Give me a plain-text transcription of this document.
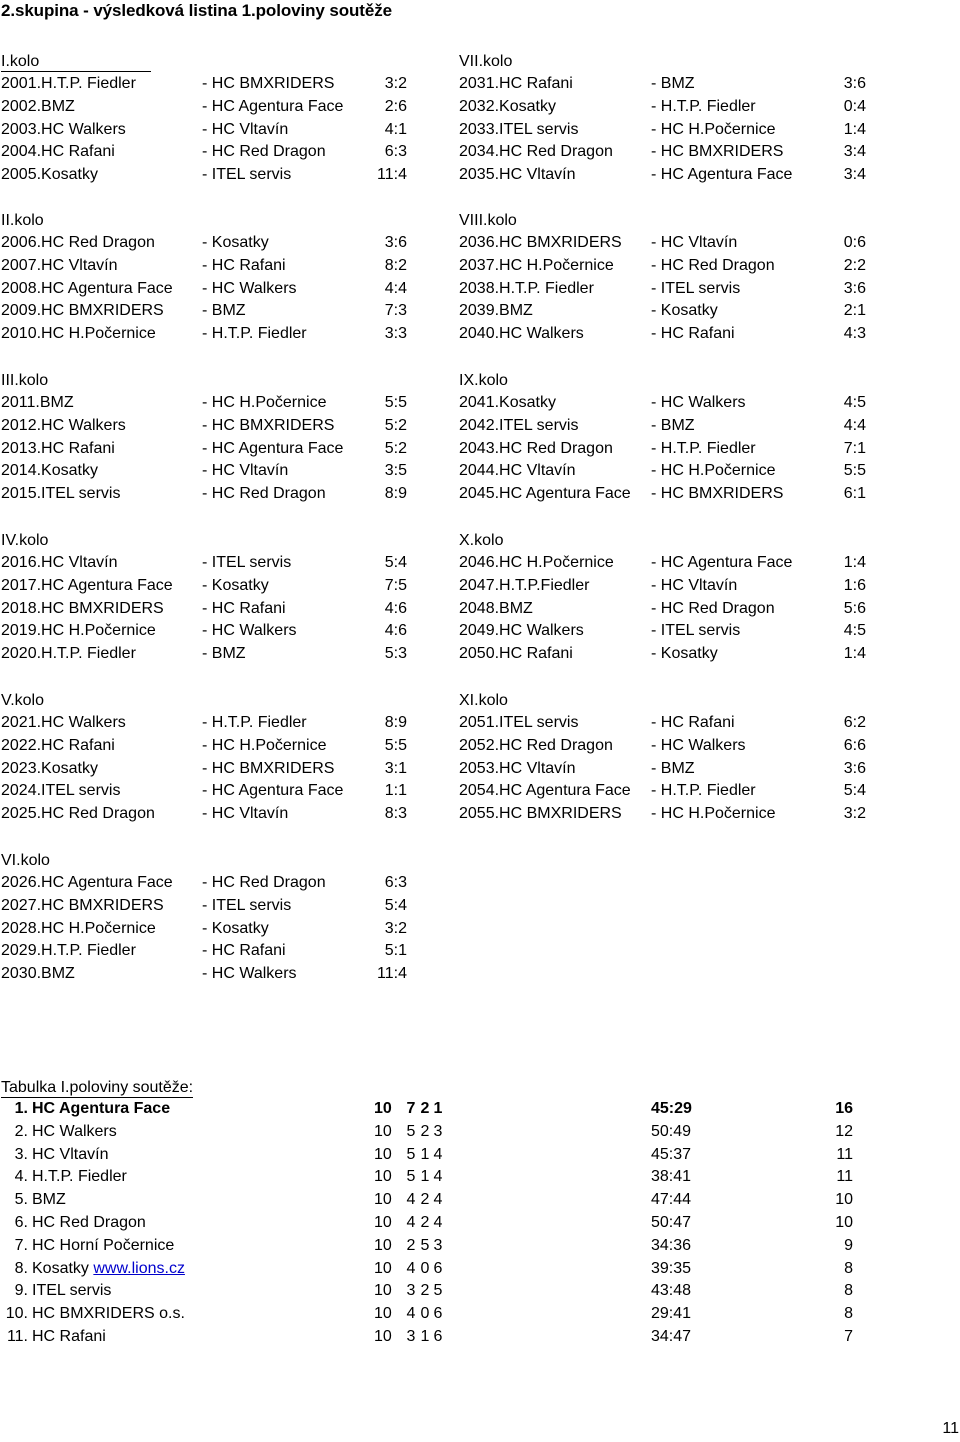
2.skupina - výsledková listina 1.poloviny soutěže
I.kolo
2001.H.T.P. Fiedler	- HC BMXRIDERS	3:2
2002.BMZ	- HC Agentura Face	2:6
2003.HC Walkers	- HC Vltavín	4:1
2004.HC Rafani	- HC Red Dragon	6:3
2005.Kosatky	- ITEL servis	11:4
II.kolo
2006.HC Red Dragon	- Kosatky	3:6
2007.HC Vltavín	- HC Rafani	8:2
2008.HC Agentura Face - HC Walkers	4:4
2009.HC BMXRIDERS - BMZ	7:3
2010.HC H.Počernice	- H.T.P. Fiedler	3:3
III.kolo
2011.BMZ	- HC H.Počernice	5:5
2012.HC Walkers	- HC BMXRIDERS	5:2
2013.HC Rafani	- HC Agentura Face	5:2
2014.Kosatky	- HC Vltavín	3:5
2015.ITEL servis	- HC Red Dragon	8:9
IV.kolo
2016.HC Vltavín	- ITEL servis	5:4
2017.HC Agentura Face - Kosatky	7:5
2018.HC BMXRIDERS - HC Rafani	4:6
2019.HC H.Počernice	- HC Walkers	4:6
2020.H.T.P. Fiedler	- BMZ	5:3
V.kolo
2021.HC Walkers	- H.T.P. Fiedler	8:9
2022.HC Rafani	- HC H.Počernice	5:5
2023.Kosatky	- HC BMXRIDERS	3:1
2024.ITEL servis	- HC Agentura Face	1:1
2025.HC Red Dragon	- HC Vltavín	8:3
VI.kolo
2026.HC Agentura Face - HC Red Dragon	6:3
2027.HC BMXRIDERS - ITEL servis	5:4
2028.HC H.Počernice	- Kosatky	3:2
2029.H.T.P. Fiedler	- HC Rafani	5:1
2030.BMZ	- HC Walkers	11:4
VII.kolo
2031.HC Rafani	- BMZ	3:6
2032.Kosatky	- H.T.P. Fiedler	0:4
2033.ITEL servis	- HC H.Počernice	1:4
2034.HC Red Dragon - HC BMXRIDERS	3:4
2035.HC Vltavín	- HC Agentura Face	3:4
VIII.kolo
2036.HC BMXRIDERS - HC Vltavín	0:6
2037.HC H.Počernice - HC Red Dragon	2:2
2038.H.T.P. Fiedler	- ITEL servis	3:6
2039.BMZ	- Kosatky	2:1
2040.HC Walkers	- HC Rafani	4:3
IX.kolo
2041.Kosatky	- HC Walkers	4:5
2042.ITEL servis	- BMZ	4:4
2043.HC Red Dragon - H.T.P. Fiedler	7:1
2044.HC Vltavín	- HC H.Počernice	5:5
2045.HC Agentura Face - HC BMXRIDERS	6:1
X.kolo
2046.HC H.Počernice - HC Agentura Face	1:4
2047.H.T.P.Fiedler	- HC Vltavín	1:6
2048.BMZ	- HC Red Dragon	5:6
2049.HC Walkers	- ITEL servis	4:5
2050.HC Rafani	- Kosatky	1:4
XI.kolo
2051.ITEL servis	- HC Rafani	6:2
2052.HC Red Dragon - HC Walkers	6:6
2053.HC Vltavín	- BMZ	3:6
2054.HC Agentura Face - H.T.P. Fiedler	5:4
2055.HC BMXRIDERS - HC H.Počernice	3:2
Tabulka I.poloviny soutěže:
1. HC Agentura Face	10 7 2 1	45:29	16
2. HC Walkers	10 5 2 3	50:49	12
3. HC Vltavín	10 5 1 4	45:37	11
4. H.T.P. Fiedler	10 5 1 4	38:41	11
5. BMZ	10 4 2 4	47:44	10
6. HC Red Dragon	10 4 2 4	50:47	10
7. HC Horní Počernice	10 2 5 3	34:36	9
8. Kosatky www.lions.cz	10 4 0 6	39:35	8
9. ITEL servis	10 3 2 5	43:48	8
10. HC BMXRIDERS o.s.	10 4 0 6	29:41	8
11. HC Rafani	10 3 1 6	34:47	7
11
